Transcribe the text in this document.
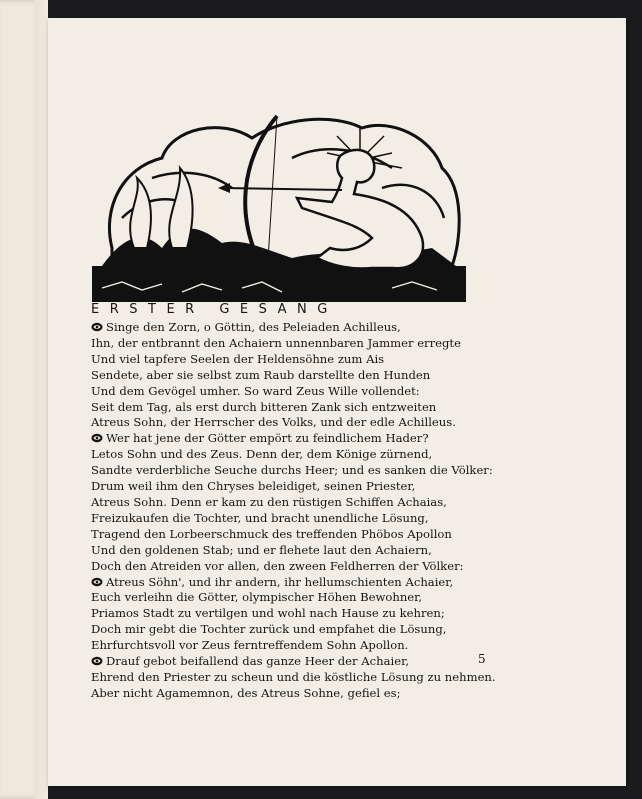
ERSTER GESANG
Singe den Zorn, o Göttin, des Peleiaden Achilleus,
Ihn, der entbrannt den Achaiern unnennbaren Jammer erregte
Und viel tapfere Seelen der Heldensöhne zum Ais
Sendete, aber sie selbst zum Raub darstellte den Hunden
Und dem Gevögel umher. So ward Zeus Wille vollendet:
Seit dem Tag, als erst durch bitteren Zank sich entzweiten
Atreus Sohn, der Herrscher des Volks, und der edle Achilleus.
Wer hat jene der Götter empört zu feindlichem Hader?
Letos Sohn und des Zeus. Denn der, dem Könige zürnend,
Sandte verderbliche Seuche durchs Heer; und es sanken die Völker:
Drum weil ihm den Chryses beleidiget, seinen Priester,
Atreus Sohn. Denn er kam zu den rüstigen Schiffen Achaias,
Freizukaufen die Tochter, und bracht unendliche Lösung,
Tragend den Lorbeerschmuck des treffenden Phöbos Apollon
Und den goldenen Stab; und er flehete laut den Achaiern,
Doch den Atreiden vor allen, den zween Feldherren der Völker:
Atreus Söhn', und ihr andern, ihr hellumschienten Achaier,
Euch verleihn die Götter, olympischer Höhen Bewohner,
Priamos Stadt zu vertilgen und wohl nach Hause zu kehren;
Doch mir gebt die Tochter zurück und empfahet die Lösung,
Ehrfurchtsvoll vor Zeus ferntreffendem Sohn Apollon.
Drauf gebot beifallend das ganze Heer der Achaier,
Ehrend den Priester zu scheun und die köstliche Lösung zu nehmen.
Aber nicht Agamemnon, des Atreus Sohne, gefiel es;
5
